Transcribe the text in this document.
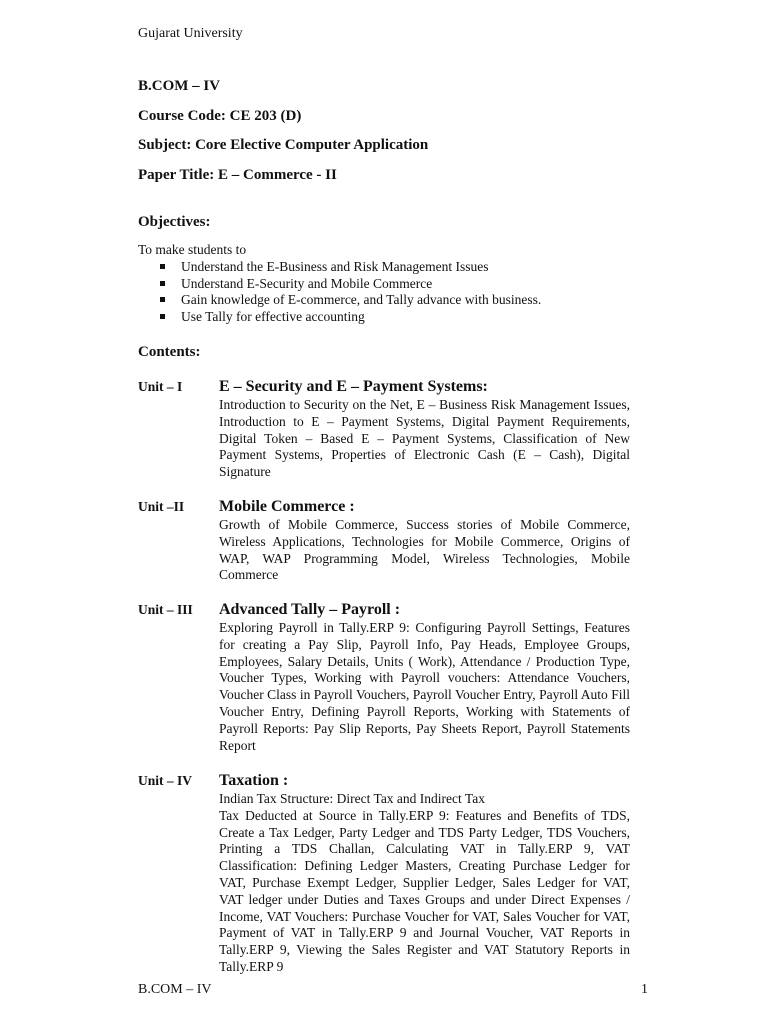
Gujarat University
B.COM – IV
Course Code: CE 203 (D)
Subject: Core Elective Computer Application
Paper Title: E – Commerce - II
Objectives:
To make students to
Understand the E-Business and Risk Management Issues
Understand E-Security and Mobile Commerce
Gain knowledge of E-commerce, and Tally advance with business.
Use Tally for effective accounting
Contents:
Unit – I E – Security and E – Payment Systems:

Introduction to Security on the Net, E – Business Risk Management Issues, Introduction to E – Payment Systems, Digital Payment Requirements, Digital Token – Based E – Payment Systems, Classification of New Payment Systems, Properties of Electronic Cash (E – Cash), Digital Signature

Unit –II Mobile Commerce :

Growth of Mobile Commerce, Success stories of Mobile Commerce, Wireless Applications, Technologies for Mobile Commerce, Origins of WAP, WAP Programming Model, Wireless Technologies, Mobile Commerce

Unit – III Advanced Tally – Payroll :

Exploring Payroll in Tally.ERP 9: Configuring Payroll Settings, Features for creating a Pay Slip, Payroll Info, Pay Heads, Employee Groups, Employees, Salary Details, Units ( Work), Attendance / Production Type, Voucher Types, Working with Payroll vouchers: Attendance Vouchers, Voucher Class in Payroll Vouchers, Payroll Voucher Entry, Payroll Auto Fill Voucher Entry, Defining Payroll Reports, Working with Statements of Payroll Reports: Pay Slip Reports, Pay Sheets Report, Payroll Statements Report

Unit – IV Taxation :

Indian Tax Structure: Direct Tax and Indirect Tax

Tax Deducted at Source in Tally.ERP 9: Features and Benefits of TDS, Create a Tax Ledger, Party Ledger and TDS Party Ledger, TDS Vouchers, Printing a TDS Challan, Calculating VAT in Tally.ERP 9, VAT Classification: Defining Ledger Masters, Creating Purchase Ledger for VAT, Purchase Exempt Ledger, Supplier Ledger, Sales Ledger for VAT, VAT ledger under Duties and Taxes Groups and under Direct Expenses / Income, VAT Vouchers: Purchase Voucher for VAT, Sales Voucher for VAT, Payment of VAT in Tally.ERP 9 and Journal Voucher, VAT Reports in Tally.ERP 9, Viewing the Sales Register and VAT Statutory Reports in Tally.ERP 9

B.COM – IV	1
